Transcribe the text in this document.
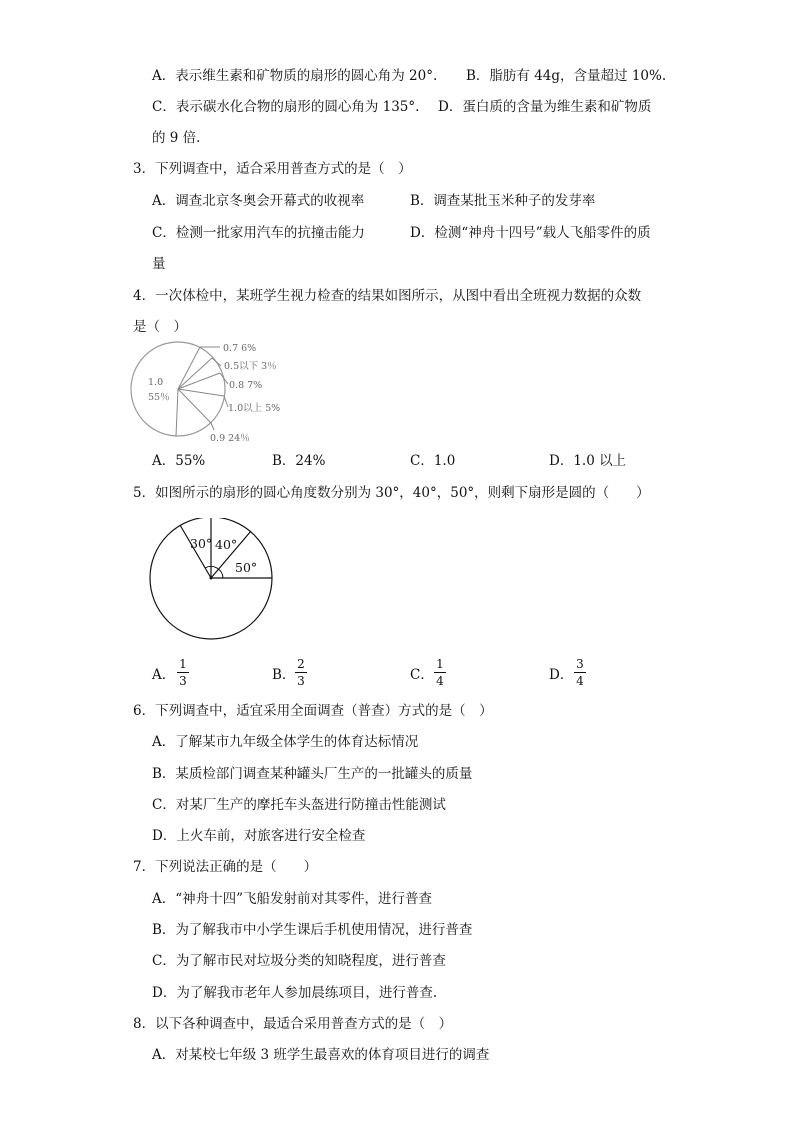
A．表示维生素和矿物质的扇形的圆心角为 20°. B．脂肪有 44g，含量超过 10%.
C．表示碳水化合物的扇形的圆心角为 135°. D．蛋白质的含量为维生素和矿物质
的 9 倍.
3．下列调查中，适合采用普查方式的是（　）
A．调查北京冬奥会开幕式的收视率	B．调查某批玉米种子的发芽率
C．检测一批家用汽车的抗撞击能力	D．检测“神舟十四号”载人飞船零件的质
量
4．一次体检中，某班学生视力检查的结果如图所示，从图中看出全班视力数据的众数
是（　）
1.0
55％
0.7 6%
0.5以下 3％
0.8 7%
1.0以上 5%
0.9 24％
A．55%	B．24%	C．1.0	D．1.0 以上
5．如图所示的扇形的圆心角度数分别为 30°，40°，50°，则剩下扇形是圆的（　　）
30° 40°
50°
A．
1
3	B．
2
3	C．
1
4	D．
3
4
6．下列调查中，适宜采用全面调查（普查）方式的是（　）
A．了解某市九年级全体学生的体育达标情况
B．某质检部门调查某种罐头厂生产的一批罐头的质量
C．对某厂生产的摩托车头盔进行防撞击性能测试
D．上火车前，对旅客进行安全检查
7．下列说法正确的是（　　）
A．“神舟十四”飞船发射前对其零件，进行普查
B．为了解我市中小学生课后手机使用情况，进行普查
C．为了解市民对垃圾分类的知晓程度，进行普查
D．为了解我市老年人参加晨练项目，进行普查.
8．以下各种调查中，最适合采用普查方式的是（　）
A．对某校七年级 3 班学生最喜欢的体育项目进行的调查
